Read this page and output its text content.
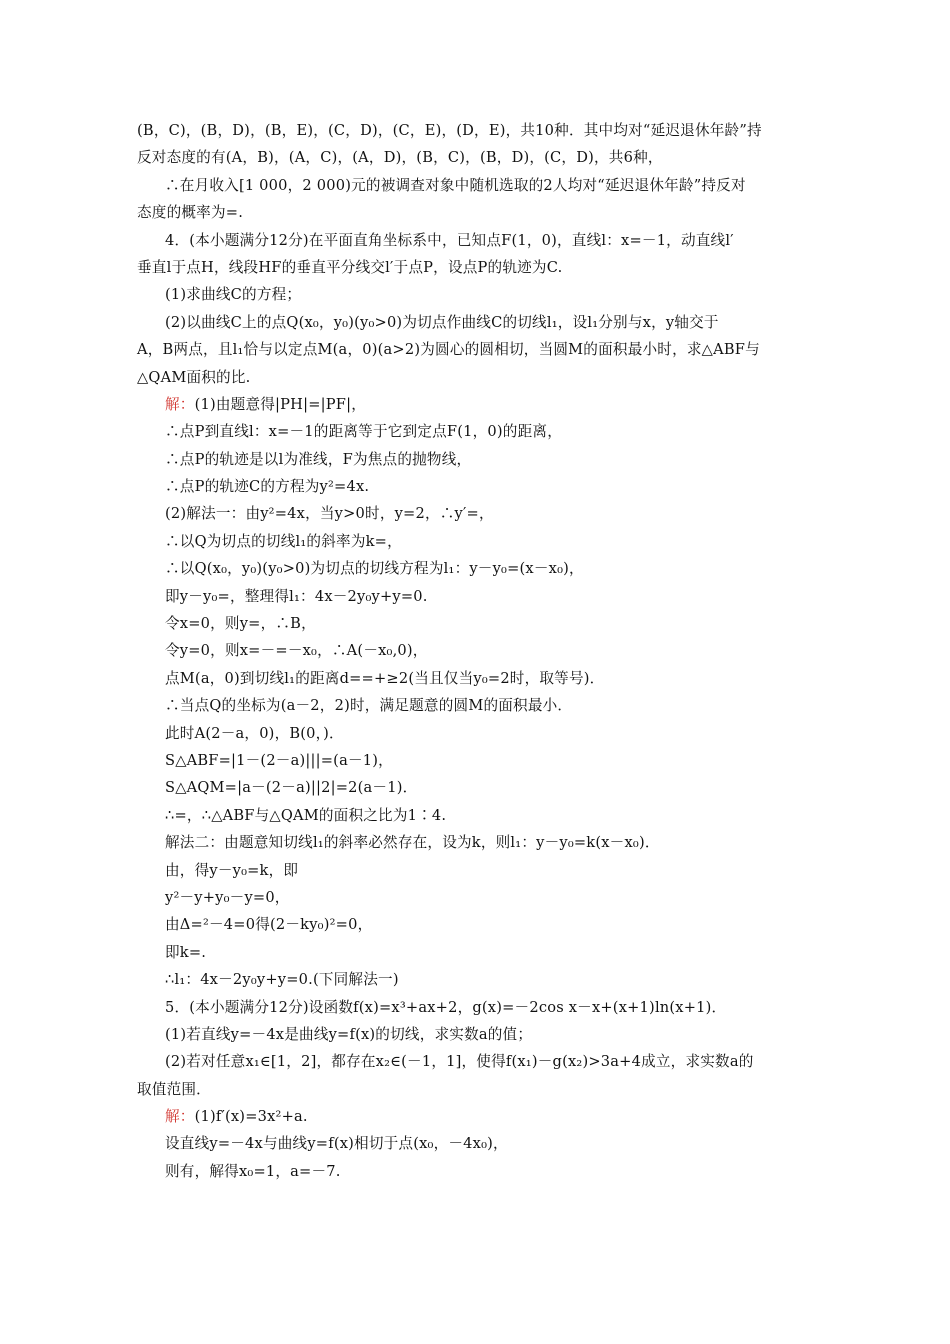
(B，C)，(B，D)，(B，E)，(C，D)，(C，E)，(D，E)，共10种．其中均对“延迟退休年龄”持
反对态度的有(A，B)，(A，C)，(A，D)，(B，C)，(B，D)，(C，D)，共6种，
∴在月收入[1 000，2 000)元的被调查对象中随机选取的2人均对“延迟退休年龄”持反对
态度的概率为=.
4．(本小题满分12分)在平面直角坐标系中，已知点F(1，0)，直线l：x=－1，动直线l′
垂直l于点H，线段HF的垂直平分线交l′于点P，设点P的轨迹为C.
(1)求曲线C的方程；
(2)以曲线C上的点Q(x₀，y₀)(y₀>0)为切点作曲线C的切线l₁，设l₁分别与x，y轴交于
A，B两点，且l₁恰与以定点M(a，0)(a>2)为圆心的圆相切，当圆M的面积最小时，求△ABF与
△QAM面积的比.
解：(1)由题意得|PH|=|PF|，
∴点P到直线l：x=－1的距离等于它到定点F(1，0)的距离，
∴点P的轨迹是以l为准线，F为焦点的抛物线，
∴点P的轨迹C的方程为y²=4x.
(2)解法一：由y²=4x，当y>0时，y=2，∴y′=，
∴以Q为切点的切线l₁的斜率为k=，
∴以Q(x₀，y₀)(y₀>0)为切点的切线方程为l₁：y－y₀=(x－x₀)，
即y－y₀=，整理得l₁：4x－2y₀y+y=0.
令x=0，则y=，∴B，
令y=0，则x=－=－x₀，∴A(－x₀,0)，
点M(a，0)到切线l₁的距离d==+≥2(当且仅当y₀=2时，取等号)．
∴当点Q的坐标为(a－2，2)时，满足题意的圆M的面积最小．
此时A(2－a，0)，B(0，)．
S△ABF=|1－(2－a)|||=(a－1)，
S△AQM=|a－(2－a)||2|=2(a－1)．
∴=，∴△ABF与△QAM的面积之比为1∶4.
解法二：由题意知切线l₁的斜率必然存在，设为k，则l₁：y－y₀=k(x－x₀)．
由，得y－y₀=k，即
y²－y+y₀－y=0，
由Δ=²－4=0得(2－ky₀)²=0，
即k=.
∴l₁：4x－2y₀y+y=0.(下同解法一)
5．(本小题满分12分)设函数f(x)=x³+ax+2，g(x)=－2cos x－x+(x+1)ln(x+1)．
(1)若直线y=－4x是曲线y=f(x)的切线，求实数a的值；
(2)若对任意x₁∈[1，2]，都存在x₂∈(－1，1]，使得f(x₁)－g(x₂)>3a+4成立，求实数a的
取值范围．
解：(1)f′(x)=3x²+a.
设直线y=－4x与曲线y=f(x)相切于点(x₀，－4x₀)，
则有，解得x₀=1，a=－7.
